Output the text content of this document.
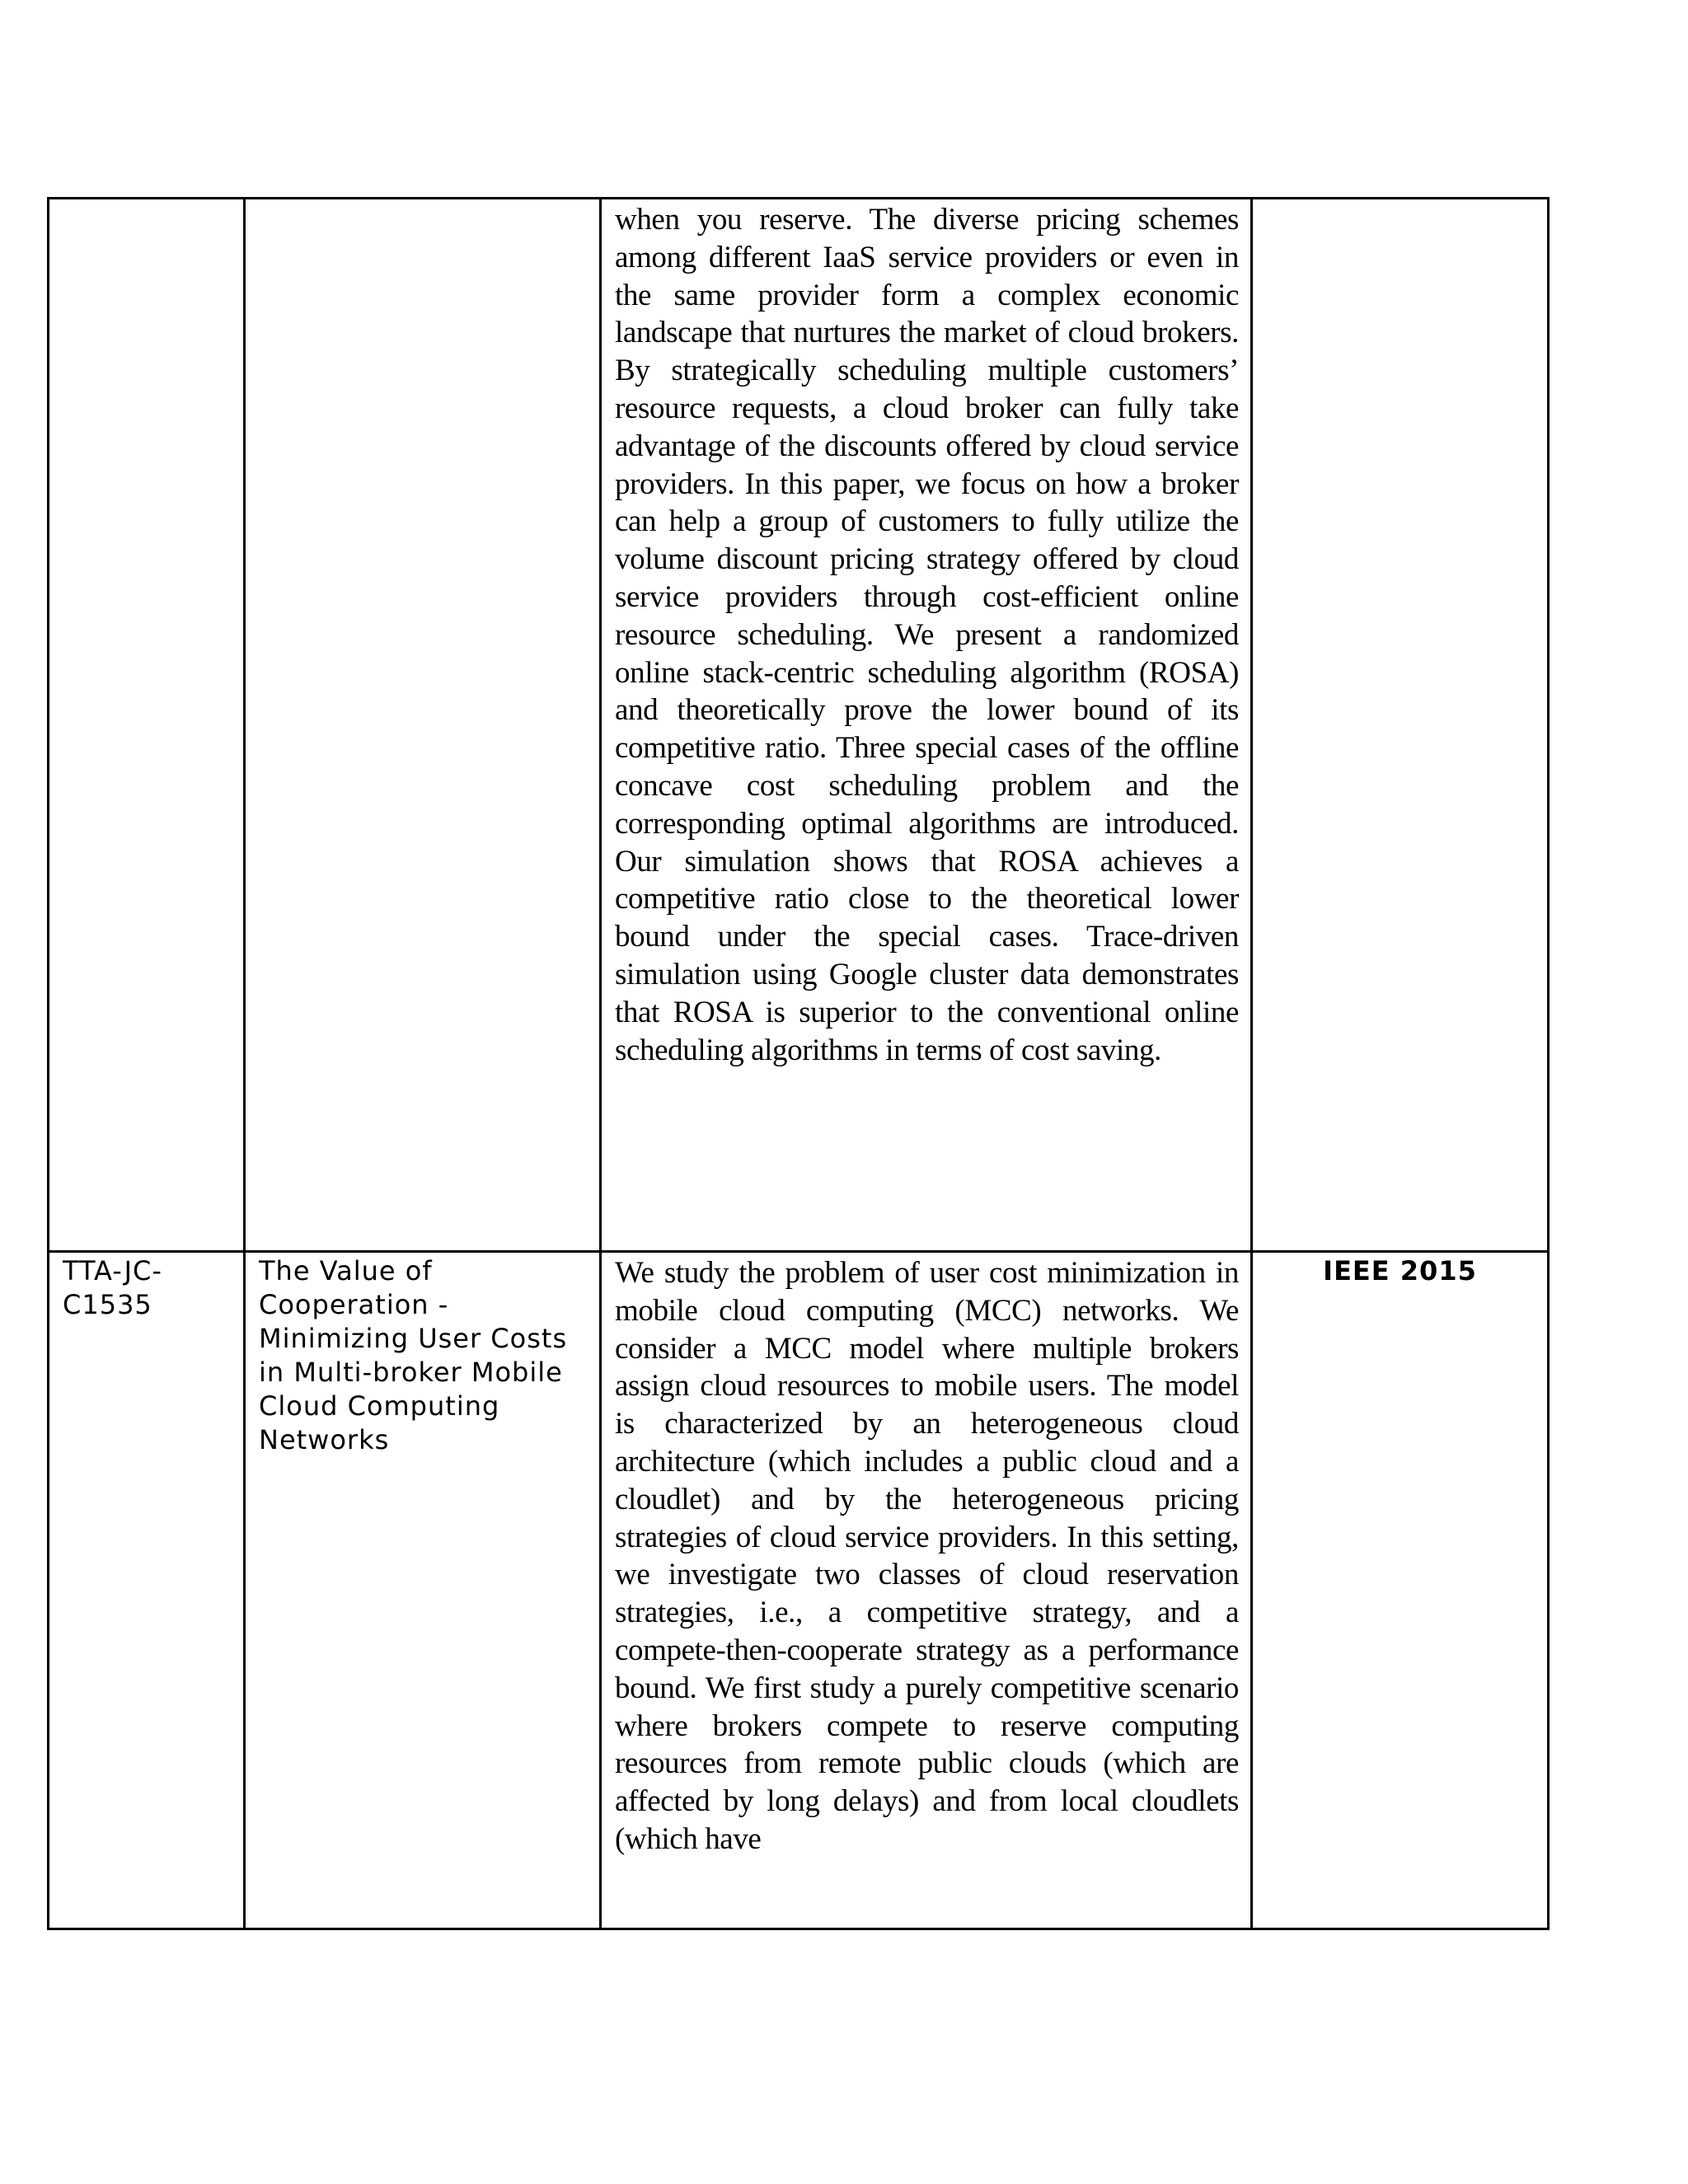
		when you reserve. The diverse pricing schemes among different IaaS service providers or even in the same provider form a complex economic landscape that nurtures the market of cloud brokers. By strategically scheduling multiple customers’ resource requests, a cloud broker can fully take advantage of the discounts offered by cloud service providers. In this paper, we focus on how a broker can help a group of customers to fully utilize the volume discount pricing strategy offered by cloud service providers through cost-efficient online resource scheduling. We present a randomized online stack-centric scheduling algorithm (ROSA) and theoretically prove the lower bound of its competitive ratio. Three special cases of the offline concave cost scheduling problem and the corresponding optimal algorithms are introduced. Our simulation shows that ROSA achieves a competitive ratio close to the theoretical lower bound under the special cases. Trace-driven simulation using Google cluster data demonstrates that ROSA is superior to the conventional online scheduling algorithms in terms of cost saving.	

TTA-JC-C1535	The Value of Cooperation - Minimizing User Costs in Multi-broker Mobile Cloud Computing Networks	We study the problem of user cost minimization in mobile cloud computing (MCC) networks. We consider a MCC model where multiple brokers assign cloud resources to mobile users. The model is characterized by an heterogeneous cloud architecture (which includes a public cloud and a cloudlet) and by the heterogeneous pricing strategies of cloud service providers. In this setting, we investigate two classes of cloud reservation strategies, i.e., a competitive strategy, and a compete-then-cooperate strategy as a performance bound. We first study a purely competitive scenario where brokers compete to reserve computing resources from remote public clouds (which are affected by long delays) and from local cloudlets (which have	IEEE 2015
